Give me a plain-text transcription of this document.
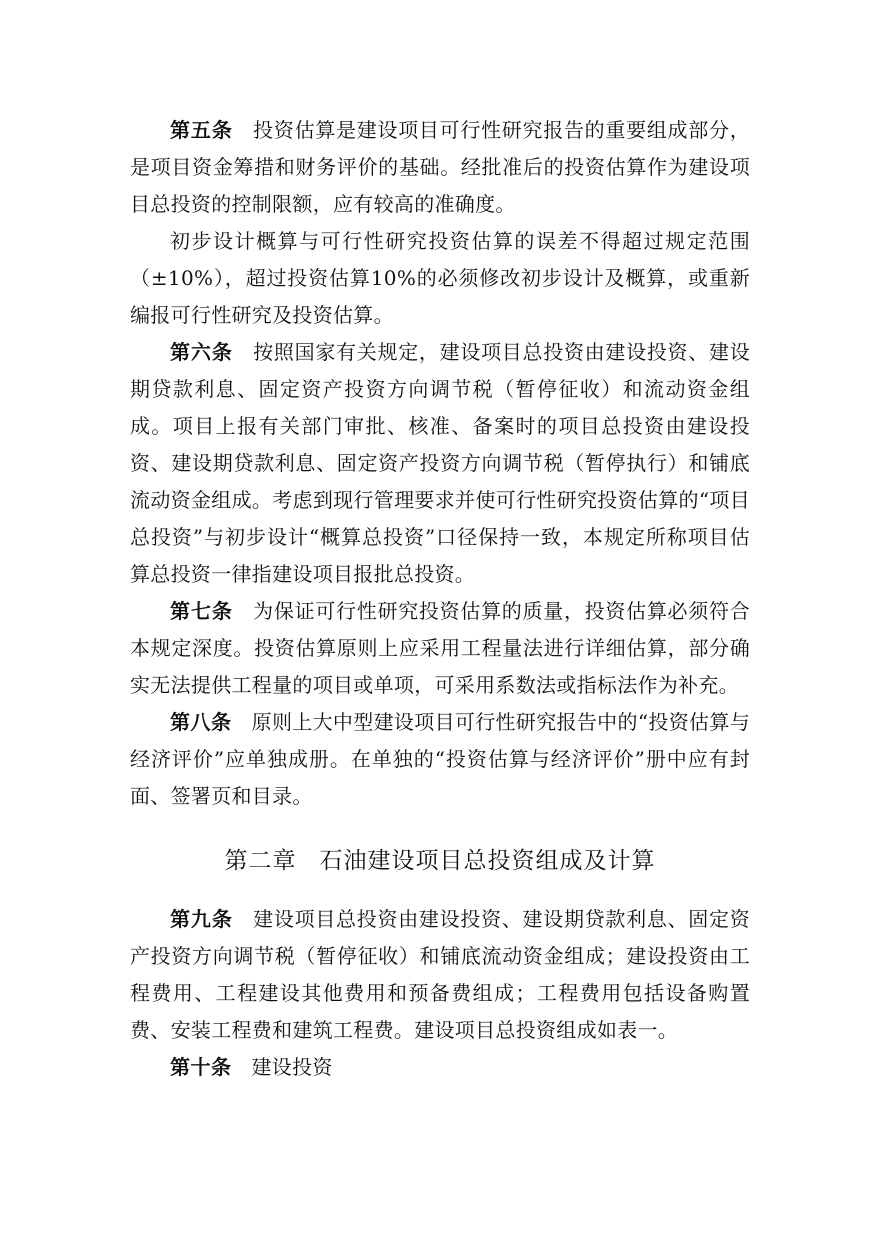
第五条 投资估算是建设项目可行性研究报告的重要组成部分，是项目资金筹措和财务评价的基础。经批准后的投资估算作为建设项目总投资的控制限额，应有较高的准确度。

初步设计概算与可行性研究投资估算的误差不得超过规定范围（±10%），超过投资估算10%的必须修改初步设计及概算，或重新编报可行性研究及投资估算。

第六条 按照国家有关规定，建设项目总投资由建设投资、建设期贷款利息、固定资产投资方向调节税（暂停征收）和流动资金组成。项目上报有关部门审批、核准、备案时的项目总投资由建设投资、建设期贷款利息、固定资产投资方向调节税（暂停执行）和铺底流动资金组成。考虑到现行管理要求并使可行性研究投资估算的“项目总投资”与初步设计“概算总投资”口径保持一致，本规定所称项目估算总投资一律指建设项目报批总投资。

第七条 为保证可行性研究投资估算的质量，投资估算必须符合本规定深度。投资估算原则上应采用工程量法进行详细估算，部分确实无法提供工程量的项目或单项，可采用系数法或指标法作为补充。

第八条 原则上大中型建设项目可行性研究报告中的“投资估算与经济评价”应单独成册。在单独的“投资估算与经济评价”册中应有封面、签署页和目录。

第二章 石油建设项目总投资组成及计算

第九条 建设项目总投资由建设投资、建设期贷款利息、固定资产投资方向调节税（暂停征收）和铺底流动资金组成；建设投资由工程费用、工程建设其他费用和预备费组成；工程费用包括设备购置费、安装工程费和建筑工程费。建设项目总投资组成如表一。

第十条 建设投资
